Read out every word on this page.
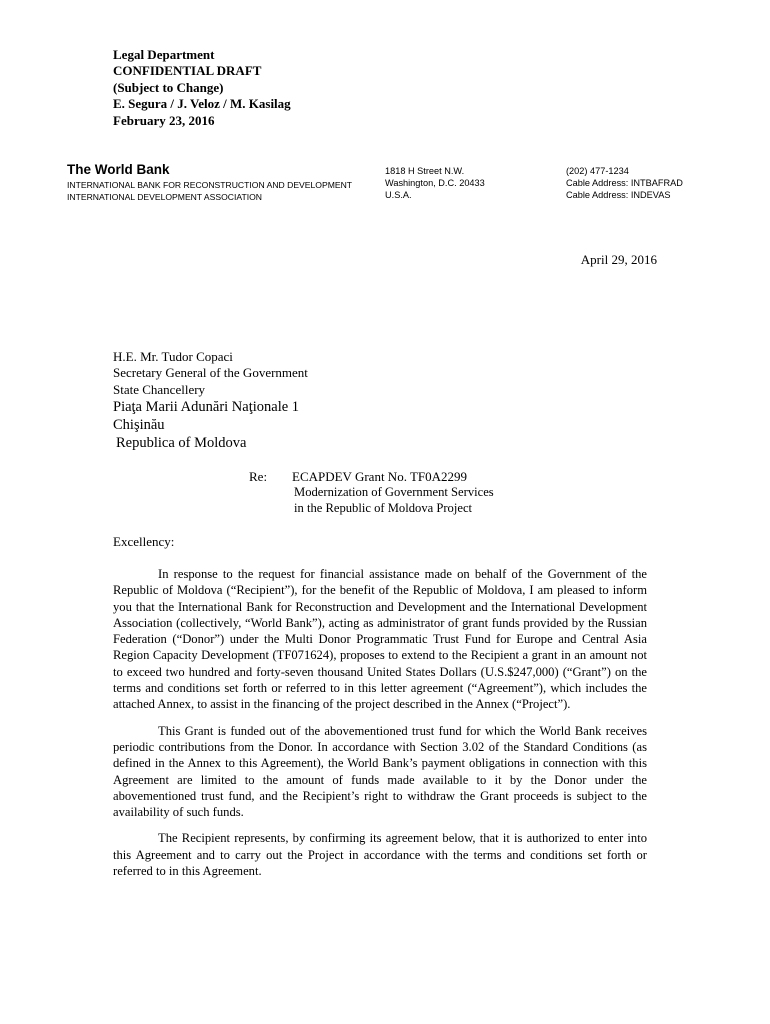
Legal Department
CONFIDENTIAL DRAFT
(Subject to Change)
E. Segura / J. Veloz / M. Kasilag
February 23, 2016
The World Bank
INTERNATIONAL BANK FOR RECONSTRUCTION AND DEVELOPMENT
INTERNATIONAL DEVELOPMENT ASSOCIATION
1818 H Street N.W.
Washington, D.C. 20433
U.S.A.
(202) 477-1234
Cable Address: INTBAFRAD
Cable Address: INDEVAS
April 29, 2016
H.E. Mr. Tudor Copaci
Secretary General of the Government
State Chancellery
Piaţa Marii Adunări Naţionale 1
Chişinău
Republica of Moldova
Re: ECAPDEV Grant No. TF0A2299
Modernization of Government Services
in the Republic of Moldova Project
Excellency:

In response to the request for financial assistance made on behalf of the Government of the Republic of Moldova (“Recipient”), for the benefit of the Republic of Moldova, I am pleased to inform you that the International Bank for Reconstruction and Development and the International Development Association (collectively, “World Bank”), acting as administrator of grant funds provided by the Russian Federation (“Donor”) under the Multi Donor Programmatic Trust Fund for Europe and Central Asia Region Capacity Development (TF071624), proposes to extend to the Recipient a grant in an amount not to exceed two hundred and forty-seven thousand United States Dollars (U.S.$247,000) (“Grant”) on the terms and conditions set forth or referred to in this letter agreement (“Agreement”), which includes the attached Annex, to assist in the financing of the project described in the Annex (“Project”).

This Grant is funded out of the abovementioned trust fund for which the World Bank receives periodic contributions from the Donor. In accordance with Section 3.02 of the Standard Conditions (as defined in the Annex to this Agreement), the World Bank’s payment obligations in connection with this Agreement are limited to the amount of funds made available to it by the Donor under the abovementioned trust fund, and the Recipient’s right to withdraw the Grant proceeds is subject to the availability of such funds.

The Recipient represents, by confirming its agreement below, that it is authorized to enter into this Agreement and to carry out the Project in accordance with the terms and conditions set forth or referred to in this Agreement.
